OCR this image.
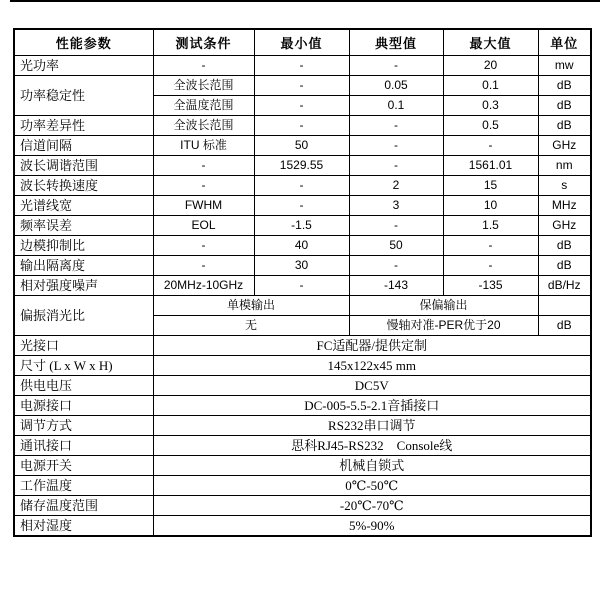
性能参数	测试条件	最小值	典型值	最大值	单位
光功率	-	-	-	20	mw
功率稳定性	全波长范围	-	0.05	0.1	dB
	全温度范围	-	0.1	0.3	dB
功率差异性	全波长范围	-	-	0.5	dB
信道间隔	ITU 标准	50	-	-	GHz
波长调谐范围	-	1529.55	-	1561.01	nm
波长转换速度	-	-	2	15	s
光谱线宽	FWHM	-	3	10	MHz
频率误差	EOL	-1.5	-	1.5	GHz
边模抑制比	-	40	50	-	dB
输出隔离度	-	30	-	-	dB
相对强度噪声	20MHz-10GHz	-	-143	-135	dB/Hz
偏振消光比	单模输出		保偏输出		
	无		慢轴对准-PER优于20		dB
光接口	FC适配器/提供定制				
尺寸 (L x W x H)	145x122x45 mm				
供电电压	DC5V				
电源接口	DC-005-5.5-2.1音插接口				
调节方式	RS232串口调节				
通讯接口	思科RJ45-RS232　Console线				
电源开关	机械自锁式				
工作温度	0℃-50℃				
储存温度范围	-20℃-70℃				
相对湿度	5%-90%				
